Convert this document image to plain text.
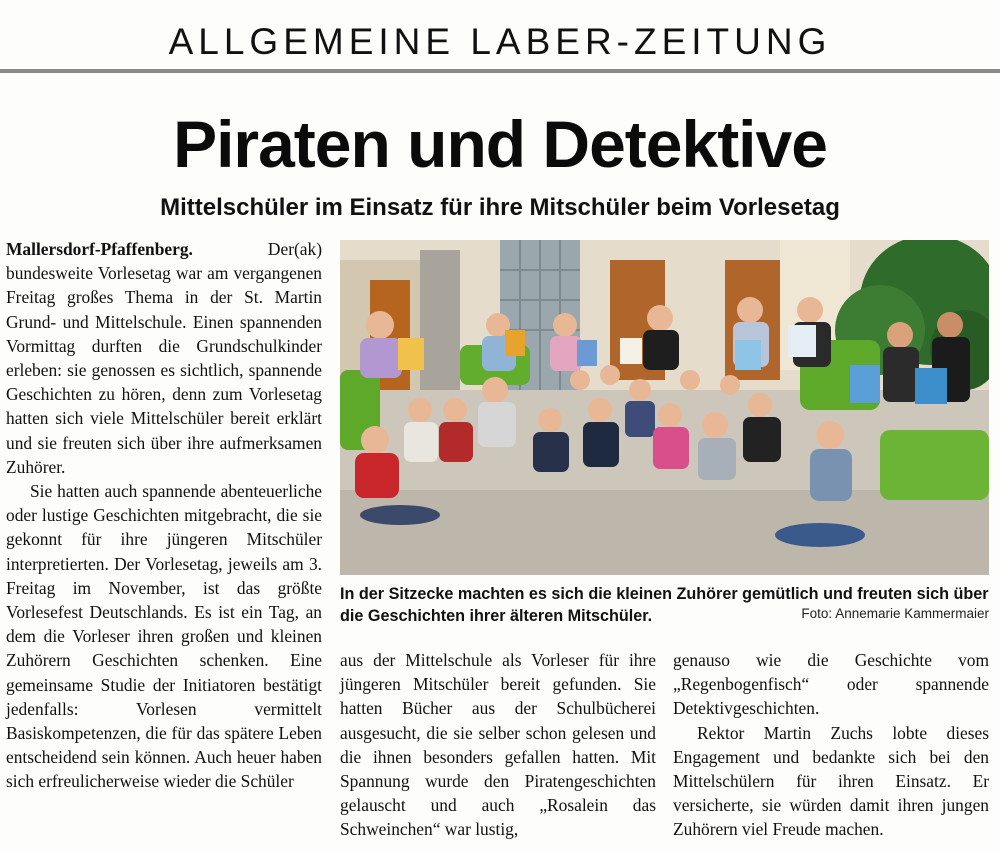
ALLGEMEINE LABER-ZEITUNG
Piraten und Detektive
Mittelschüler im Einsatz für ihre Mitschüler beim Vorlesetag

Mallersdorf-Pfaffenberg.	(ak)
Der bundesweite Vorlesetag war am vergangenen Freitag großes Thema in der St. Martin Grund- und Mittelschule. Einen spannenden Vormittag durften die Grundschulkinder erleben: sie genossen es sichtlich, spannende Geschichten zu hören, denn zum Vorlesetag hatten sich viele Mittelschüler bereit erklärt und sie freuten sich über ihre aufmerksamen Zuhörer.

Sie hatten auch spannende abenteuerliche oder lustige Geschichten mitgebracht, die sie gekonnt für ihre jüngeren Mitschüler interpretierten. Der Vorlesetag, jeweils am 3. Freitag im November, ist das größte Vorlesefest Deutschlands. Es ist ein Tag, an dem die Vorleser ihren großen und kleinen Zuhörern Geschichten schenken. Eine gemeinsame Studie der Initiatoren bestätigt jedenfalls: Vorlesen vermittelt Basiskompetenzen, die für das spätere Leben entscheidend sein können. Auch heuer haben sich erfreulicherweise wieder die Schüler

In der Sitzecke machten es sich die kleinen Zuhörer gemütlich und freuten sich über die Geschichten ihrer älteren Mitschüler.	Foto: Annemarie Kammermaier

aus der Mittelschule als Vorleser für ihre jüngeren Mitschüler bereit gefunden. Sie hatten Bücher aus der Schulbücherei ausgesucht, die sie selber schon gelesen und die ihnen besonders gefallen hatten. Mit Spannung wurde den Piratengeschichten gelauscht und auch „Rosalein das Schweinchen“ war lustig,

genauso wie die Geschichte vom „Regenbogenfisch“ oder spannende Detektivgeschichten.

Rektor Martin Zuchs lobte dieses Engagement und bedankte sich bei den Mittelschülern für ihren Einsatz. Er versicherte, sie würden damit ihren jungen Zuhörern viel Freude machen.
